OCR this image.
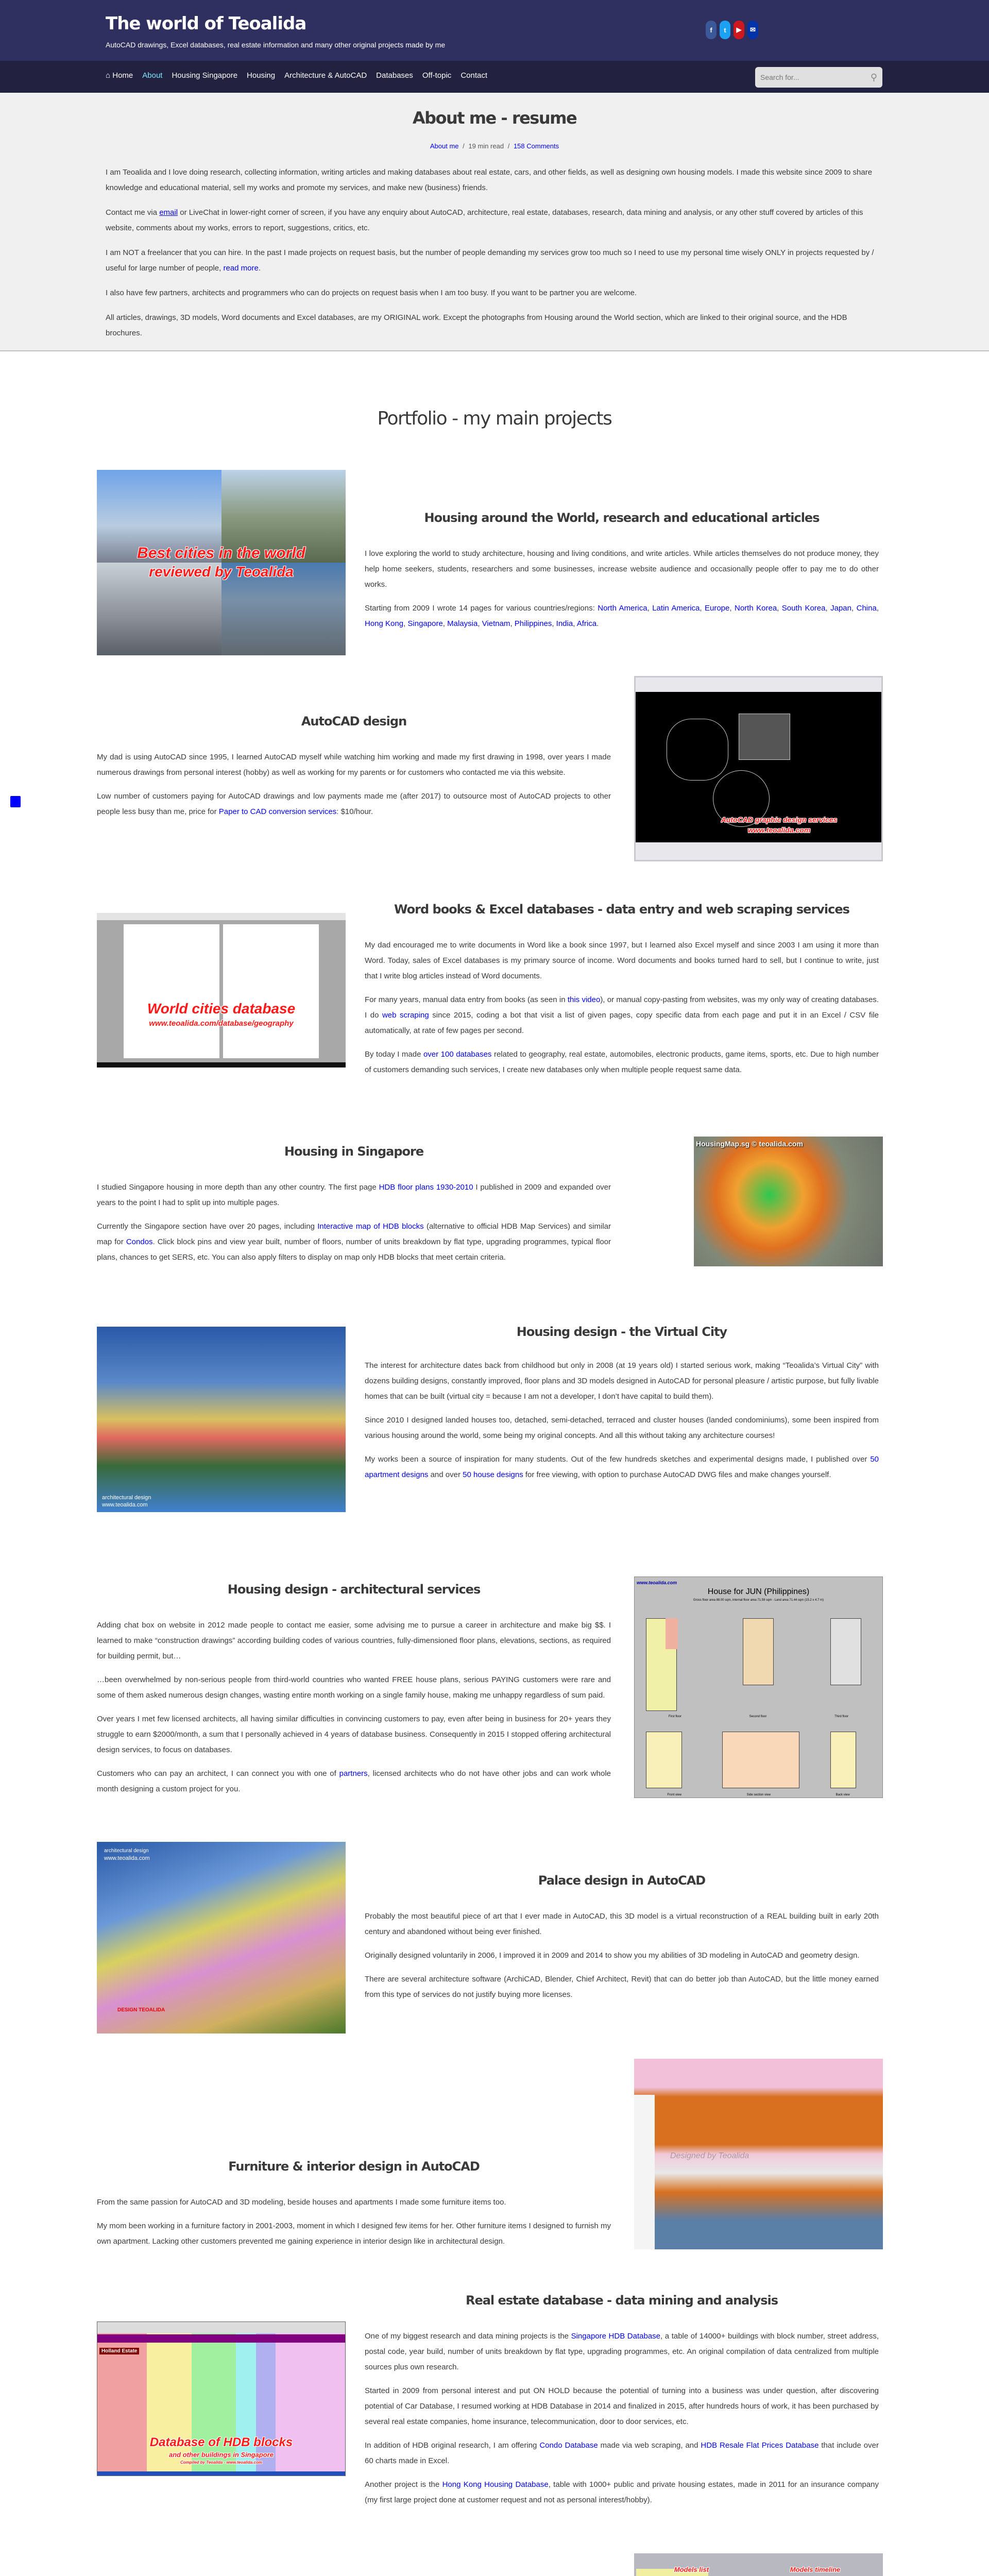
The world of Teoalida
AutoCAD drawings, Excel databases, real estate information and many other original projects made by me
f	t	▶	✉
⌂ Home About Housing Singapore Housing Architecture & AutoCAD Databases Off-topic Contact
Search for...	⚲
About me - resume
About me / 19 min read / 158 Comments

I am Teoalida and I love doing research, collecting information, writing articles and making databases about real estate, cars, and other fields, as well as designing own housing models. I made this website since 2009 to share knowledge and educational material, sell my works and promote my services, and make new (business) friends.

Contact me via email or LiveChat in lower-right corner of screen, if you have any enquiry about AutoCAD, architecture, real estate, databases, research, data mining and analysis, or any other stuff covered by articles of this website, comments about my works, errors to report, suggestions, critics, etc.

I am NOT a freelancer that you can hire. In the past I made projects on request basis, but the number of people demanding my services grow too much so I need to use my personal time wisely ONLY in projects requested by / useful for large number of people, read more.

I also have few partners, architects and programmers who can do projects on request basis when I am too busy. If you want to be partner you are welcome.

All articles, drawings, 3D models, Word documents and Excel databases, are my ORIGINAL work. Except the photographs from Housing around the World section, which are linked to their original source, and the HDB brochures.

Portfolio - my main projects
Best cities in the world
reviewed by Teoalida
Housing around the World, research and educational articles

I love exploring the world to study architecture, housing and living conditions, and write articles. While articles themselves do not produce money, they help home seekers, students, researchers and some businesses, increase website audience and occasionally people offer to pay me to do other works.

Starting from 2009 I wrote 14 pages for various countries/regions: North America, Latin America, Europe, North Korea, South Korea, Japan, China, Hong Kong, Singapore, Malaysia, Vietnam, Philippines, India, Africa.

AutoCAD graphic design services
www.teoalida.com
AutoCAD design

My dad is using AutoCAD since 1995, I learned AutoCAD myself while watching him working and made my first drawing in 1998, over years I made numerous drawings from personal interest (hobby) as well as working for my parents or for customers who contacted me via this website.

Low number of customers paying for AutoCAD drawings and low payments made me (after 2017) to outsource most of AutoCAD projects to other people less busy than me, price for Paper to CAD conversion services: $10/hour.

World cities database
www.teoalida.com/database/geography
Word books & Excel databases - data entry and web scraping services

My dad encouraged me to write documents in Word like a book since 1997, but I learned also Excel myself and since 2003 I am using it more than Word. Today, sales of Excel databases is my primary source of income. Word documents and books turned hard to sell, but I continue to write, just that I write blog articles instead of Word documents.

For many years, manual data entry from books (as seen in this video), or manual copy-pasting from websites, was my only way of creating databases. I do web scraping since 2015, coding a bot that visit a list of given pages, copy specific data from each page and put it in an Excel / CSV file automatically, at rate of few pages per second.

By today I made over 100 databases related to geography, real estate, automobiles, electronic products, game items, sports, etc. Due to high number of customers demanding such services, I create new databases only when multiple people request same data.

HousingMap.sg © teoalida.com
Housing in Singapore

I studied Singapore housing in more depth than any other country. The first page HDB floor plans 1930-2010 I published in 2009 and expanded over years to the point I had to split up into multiple pages.

Currently the Singapore section have over 20 pages, including Interactive map of HDB blocks (alternative to official HDB Map Services) and similar map for Condos. Click block pins and view year built, number of floors, number of units breakdown by flat type, upgrading programmes, typical floor plans, chances to get SERS, etc. You can also apply filters to display on map only HDB blocks that meet certain criteria.

architectural design
www.teoalida.com
Housing design - the Virtual City

The interest for architecture dates back from childhood but only in 2008 (at 19 years old) I started serious work, making “Teoalida’s Virtual City” with dozens building designs, constantly improved, floor plans and 3D models designed in AutoCAD for personal pleasure / artistic purpose, but fully livable homes that can be built (virtual city = because I am not a developer, I don’t have capital to build them).

Since 2010 I designed landed houses too, detached, semi-detached, terraced and cluster houses (landed condominiums), some been inspired from various housing around the world, some being my original concepts. And all this without taking any architecture courses!

My works been a source of inspiration for many students. Out of the few hundreds sketches and experimental designs made, I published over 50 apartment designs and over 50 house designs for free viewing, with option to purchase AutoCAD DWG files and make changes yourself.

www.teoalida.com
House for JUN (Philippines)
Gross floor area 88.00 sqm, internal floor area 71.59 sqm - Land area 71.44 sqm (15.2 x 4.7 m)
Front view	Side section view	Back view
First floor	Second floor	Third floor
Housing design - architectural services

Adding chat box on website in 2012 made people to contact me easier, some advising me to pursue a career in architecture and make big $$. I learned to make “construction drawings” according building codes of various countries, fully-dimensioned floor plans, elevations, sections, as required for building permit, but…

…been overwhelmed by non-serious people from third-world countries who wanted FREE house plans, serious PAYING customers were rare and some of them asked numerous design changes, wasting entire month working on a single family house, making me unhappy regardless of sum paid.

Over years I met few licensed architects, all having similar difficulties in convincing customers to pay, even after being in business for 20+ years they struggle to earn $2000/month, a sum that I personally achieved in 4 years of database business. Consequently in 2015 I stopped offering architectural design services, to focus on databases.

Customers who can pay an architect, I can connect you with one of partners, licensed architects who do not have other jobs and can work whole month designing a custom project for you.

architectural design
www.teoalida.com
DESIGN TEOALIDA
Palace design in AutoCAD

Probably the most beautiful piece of art that I ever made in AutoCAD, this 3D model is a virtual reconstruction of a REAL building built in early 20th century and abandoned without being ever finished.

Originally designed voluntarily in 2006, I improved it in 2009 and 2014 to show you my abilities of 3D modeling in AutoCAD and geometry design.

There are several architecture software (ArchiCAD, Blender, Chief Architect, Revit) that can do better job than AutoCAD, but the little money earned from this type of services do not justify buying more licenses.

Designed by Teoalida
Furniture & interior design in AutoCAD

From the same passion for AutoCAD and 3D modeling, beside houses and apartments I made some furniture items too.

My mom been working in a furniture factory in 2001-2003, moment in which I designed few items for her. Other furniture items I designed to furnish my own apartment. Lacking other customers prevented me gaining experience in interior design like in architectural design.

Holland Estate
Database of HDB blocks
and other buildings in Singapore
Compiled by Teoalida - www.teoalida.com
Real estate database - data mining and analysis

One of my biggest research and data mining projects is the Singapore HDB Database, a table of 14000+ buildings with block number, street address, postal code, year build, number of units breakdown by flat type, upgrading programmes, etc. An original compilation of data centralized from multiple sources plus own research.

Started in 2009 from personal interest and put ON HOLD because the potential of turning into a business was under question, after discovering potential of Car Database, I resumed working at HDB Database in 2014 and finalized in 2015, after hundreds hours of work, it has been purchased by several real estate companies, home insurance, telecommunication, door to door services, etc.

In addition of HDB original research, I am offering Condo Database made via web scraping, and HDB Resale Flat Prices Database that include over 60 charts made in Excel.

Another project is the Hong Kong Housing Database, table with 1000+ public and private housing estates, made in 2011 for an insurance company (my first large project done at customer request and not as personal interest/hobby).

Models list	Models timeline
